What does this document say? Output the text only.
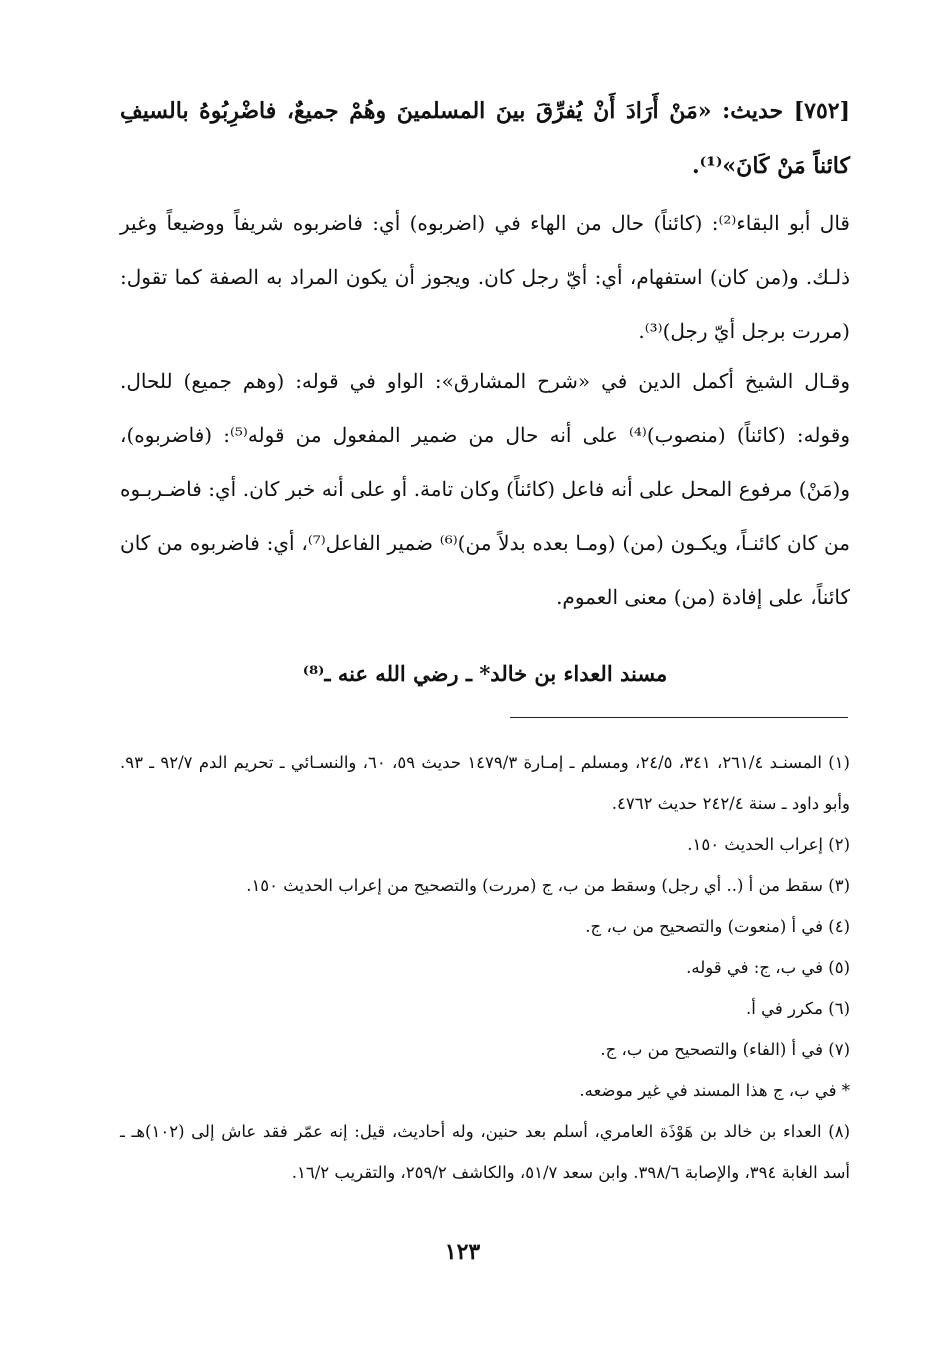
[٧٥٢] حديث: «مَنْ أَرَادَ أَنْ يُفرِّقَ بينَ المسلمينَ وهُمْ جميعٌ، فاضْرِبُوهُ بالسيفِ كائناً مَنْ كَانَ»⁽¹⁾.
قال أبو البقاء⁽²⁾: (كائناً) حال من الهاء في (اضربوه) أي: فاضربوه شريفاً ووضيعاً وغير ذلـك. و(من كان) استفهام، أي: أيّ رجل كان. ويجوز أن يكون المراد به الصفة كما تقول: (مررت برجل أيّ رجل)⁽³⁾.
وقـال الشيخ أكمل الدين في «شرح المشارق»: الواو في قوله: (وهم جميع) للحال. وقوله: (كائناً) (منصوب)⁽⁴⁾ على أنه حال من ضمير المفعول من قوله⁽⁵⁾: (فاضربوه)، و(مَنْ) مرفوع المحل على أنه فاعل (كائناً) وكان تامة. أو على أنه خبر كان. أي: فاضـربـوه من كان كائنـاً، ويكـون (من) (ومـا بعده بدلاً من)⁽⁶⁾ ضمير الفاعل⁽⁷⁾، أي: فاضربوه من كان كائناً، على إفادة (من) معنى العموم.
مسند العداء بن خالد* ـ رضي الله عنه ـ⁽⁸⁾
(١) المسنـد ٢٦١/٤، ٣٤١، ٢٤/٥، ومسلم ـ إمـارة ١٤٧٩/٣ حديث ٥٩، ٦٠، والنسـائي ـ تحريم الدم ٩٢/٧ ـ ٩٣. وأبو داود ـ سنة ٢٤٢/٤ حديث ٤٧٦٢.
(٢) إعراب الحديث ١٥٠.
(٣) سقط من أ (.. أي رجل) وسقط من ب، ج (مررت) والتصحيح من إعراب الحديث ١٥٠.
(٤) في أ (منعوت) والتصحيح من ب، ج.
(٥) في ب، ج: في قوله.
(٦) مكرر في أ.
(٧) في أ (الفاء) والتصحيح من ب، ج.
* في ب، ج هذا المسند في غير موضعه.
(٨) العداء بن خالد بن هَوْذَة العامري، أسلم بعد حنين، وله أحاديث، قيل: إنه عمّر فقد عاش إلى (١٠٢)هـ ـ أسد الغابة ٣٩٤، والإصابة ٣٩٨/٦. وابن سعد ٥١/٧، والكاشف ٢٥٩/٢، والتقريب ١٦/٢.
١٢٣
